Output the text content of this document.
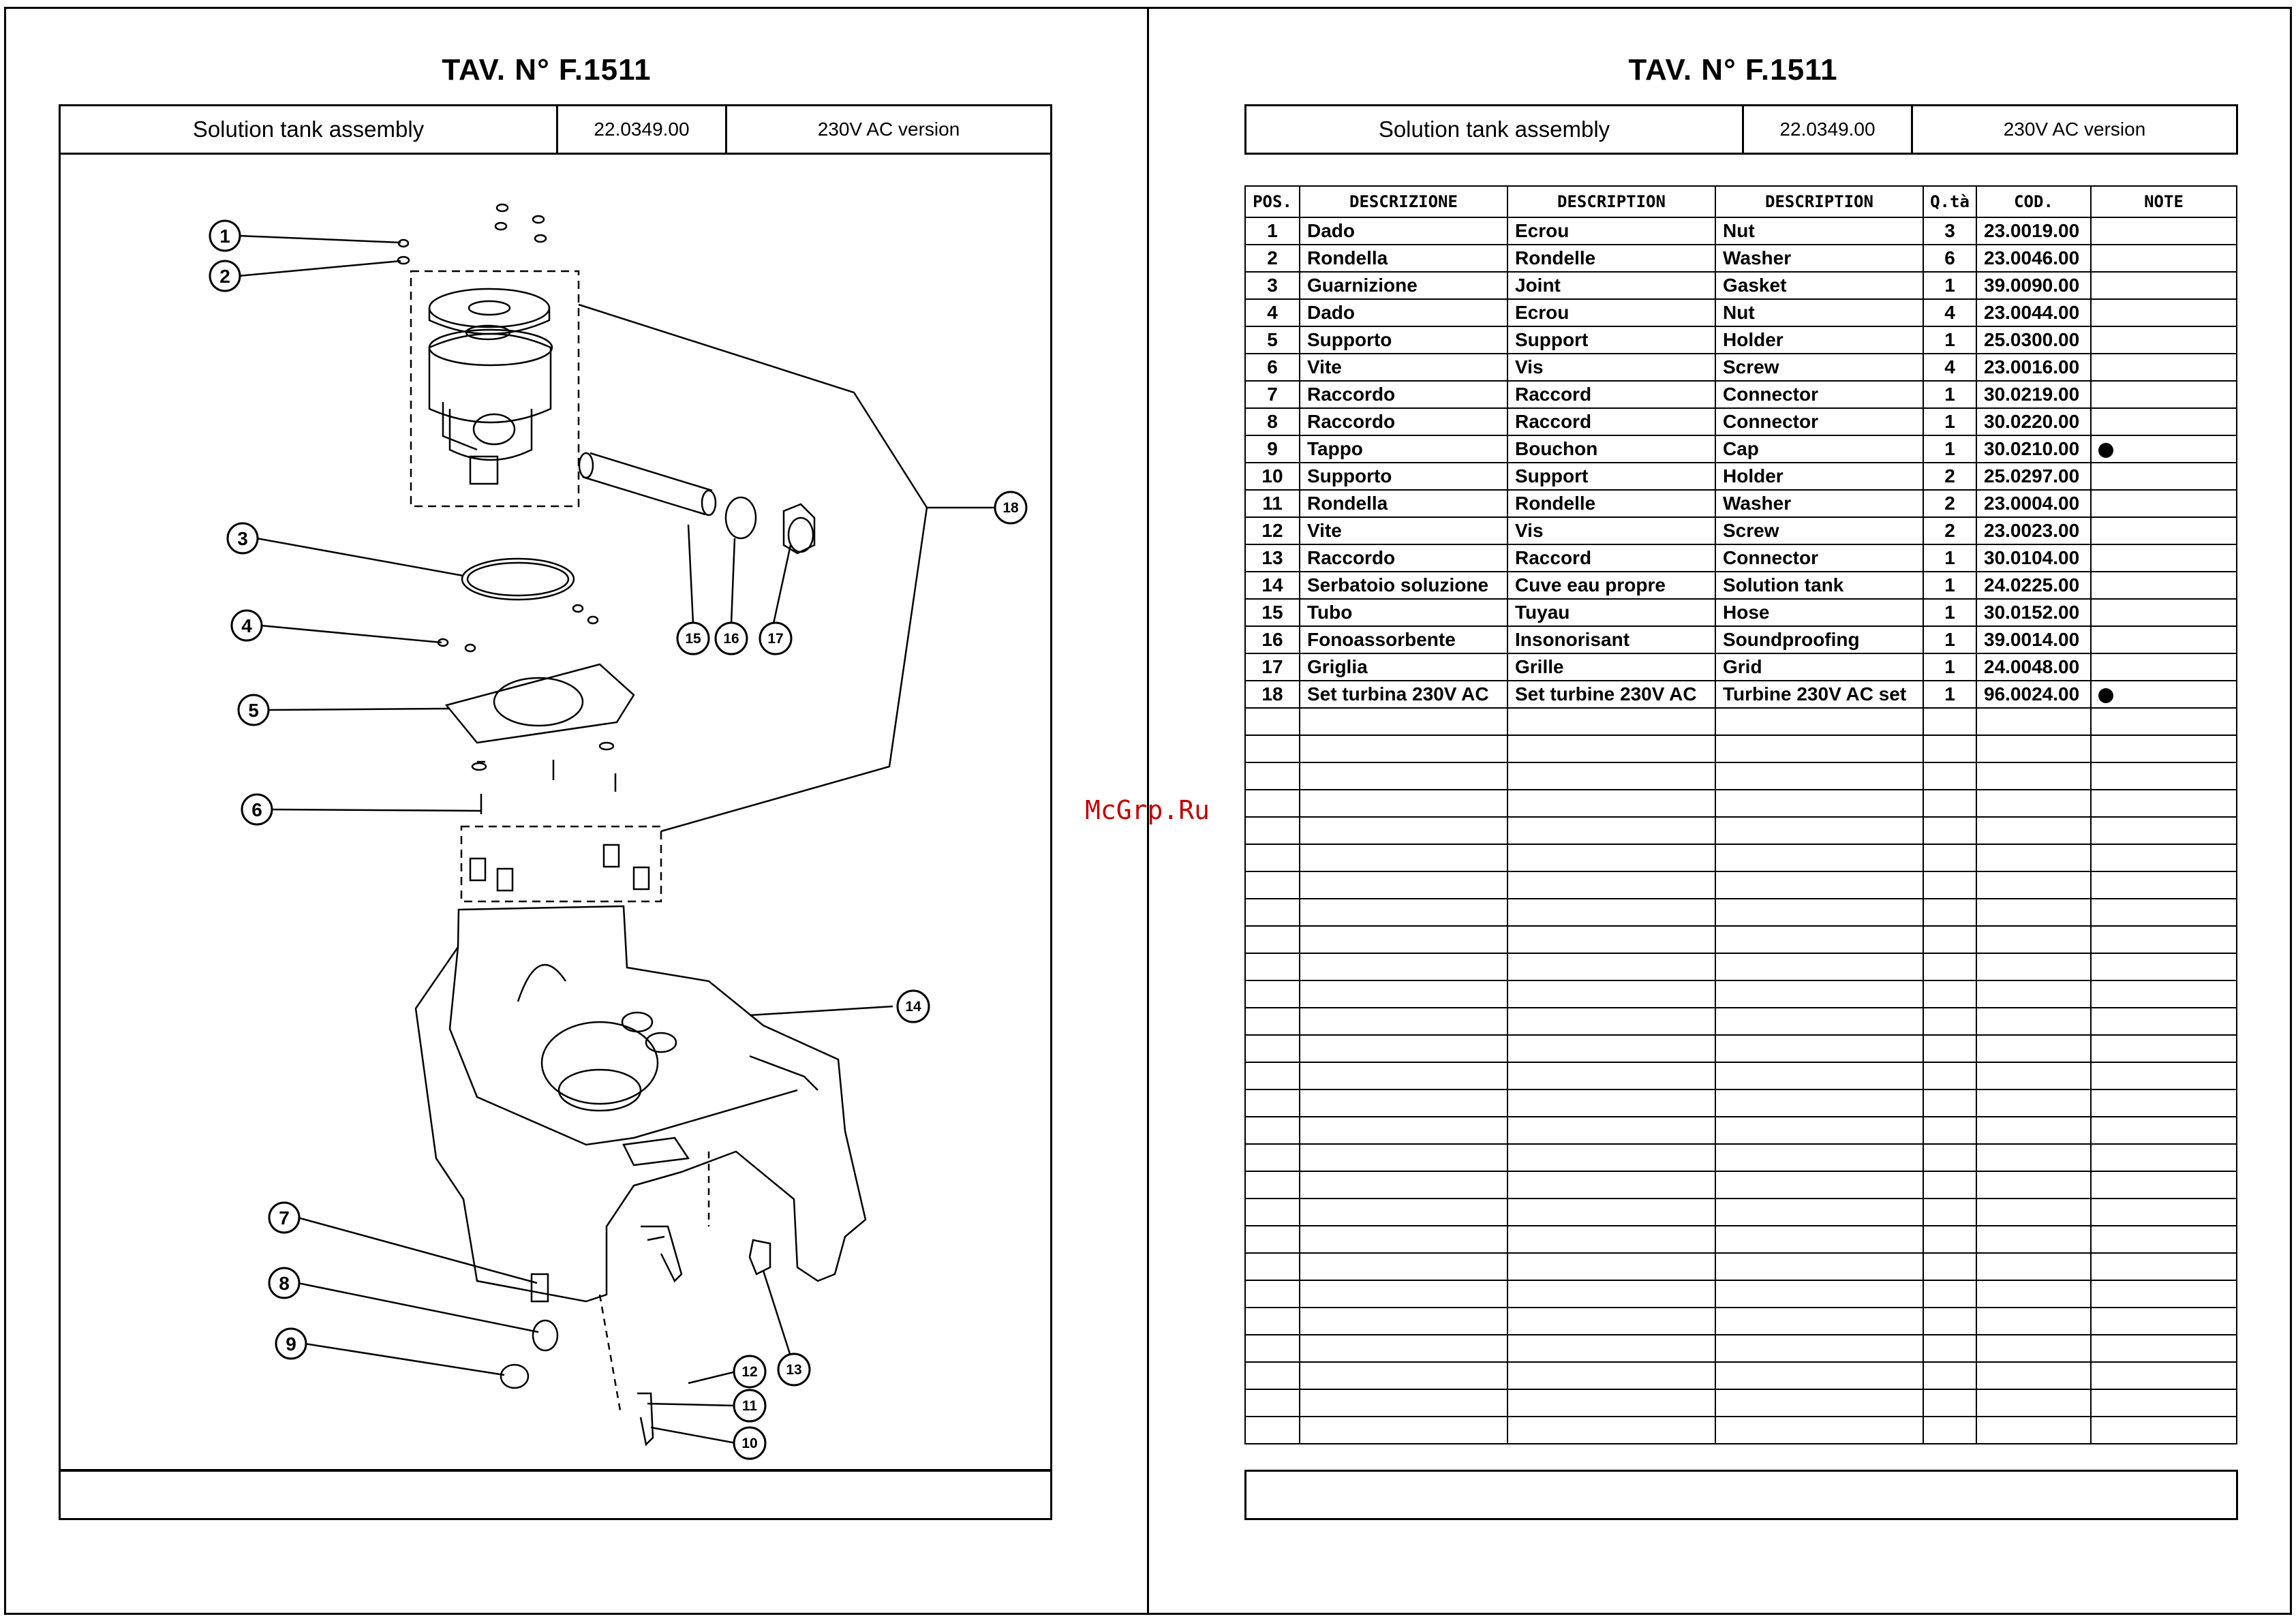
TAV. N° F.1511
Solution tank assembly	22.0349.00	230V AC version
1
2
3
4
5
6
7
8
9
10
11
12 13
14
15 16 17
18
TAV. N° F.1511
Solution tank assembly	22.0349.00	230V AC version
POS.	DESCRIZIONE	DESCRIPTION	DESCRIPTION	Q.tà	COD.	NOTE
1	Dado	Ecrou	Nut	3	23.0019.00	
2	Rondella	Rondelle	Washer	6	23.0046.00	
3	Guarnizione	Joint	Gasket	1	39.0090.00	
4	Dado	Ecrou	Nut	4	23.0044.00	
5	Supporto	Support	Holder	1	25.0300.00	
6	Vite	Vis	Screw	4	23.0016.00	
7	Raccordo	Raccord	Connector	1	30.0219.00	
8	Raccordo	Raccord	Connector	1	30.0220.00	
9	Tappo	Bouchon	Cap	1	30.0210.00	
10	Supporto	Support	Holder	2	25.0297.00	
11	Rondella	Rondelle	Washer	2	23.0004.00	
12	Vite	Vis	Screw	2	23.0023.00	
13	Raccordo	Raccord	Connector	1	30.0104.00	
14	Serbatoio soluzione	Cuve eau propre	Solution tank	1	24.0225.00	
15	Tubo	Tuyau	Hose	1	30.0152.00	
16	Fonoassorbente	Insonorisant	Soundproofing	1	39.0014.00	
17	Griglia	Grille	Grid	1	24.0048.00	
18	Set turbina 230V AC	Set turbine 230V AC	Turbine 230V AC set	1	96.0024.00	

McGrp.Ru
